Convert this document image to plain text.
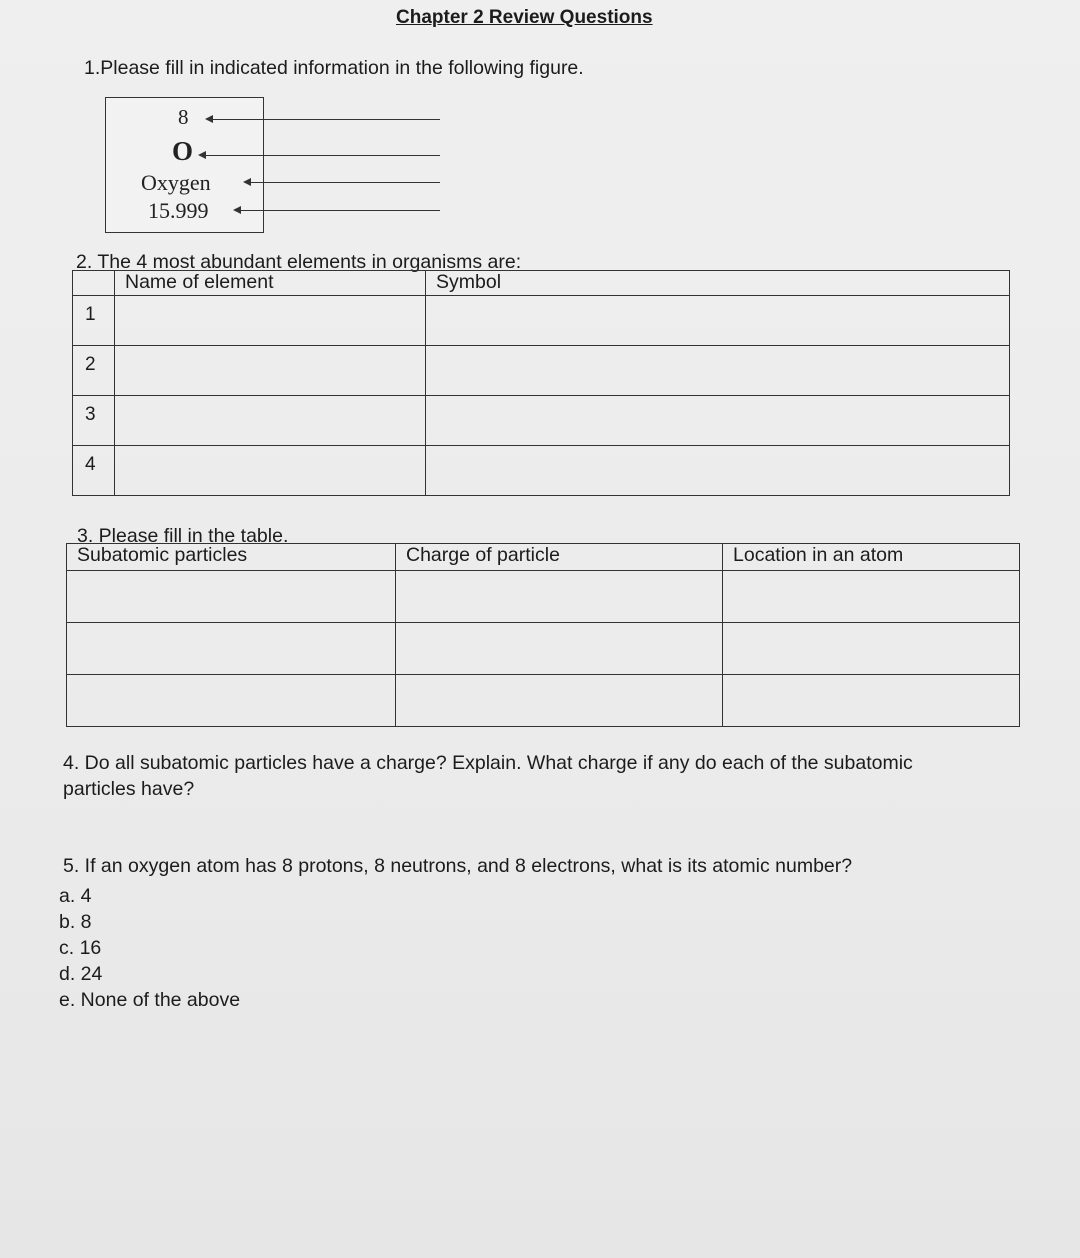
Chapter 2 Review Questions
1.Please fill in indicated information in the following figure.
8
O
Oxygen
15.999
2. The 4 most abundant elements in organisms are:
	Name of element	Symbol
1		
2		
3		
4		
3. Please fill in the table.
Subatomic particles	Charge of particle	Location in an atom

4. Do all subatomic particles have a charge? Explain. What charge if any do each of the subatomic particles have?
5. If an oxygen atom has 8 protons, 8 neutrons, and 8 electrons, what is its atomic number?
a. 4
b. 8
c. 16
d. 24
e. None of the above
